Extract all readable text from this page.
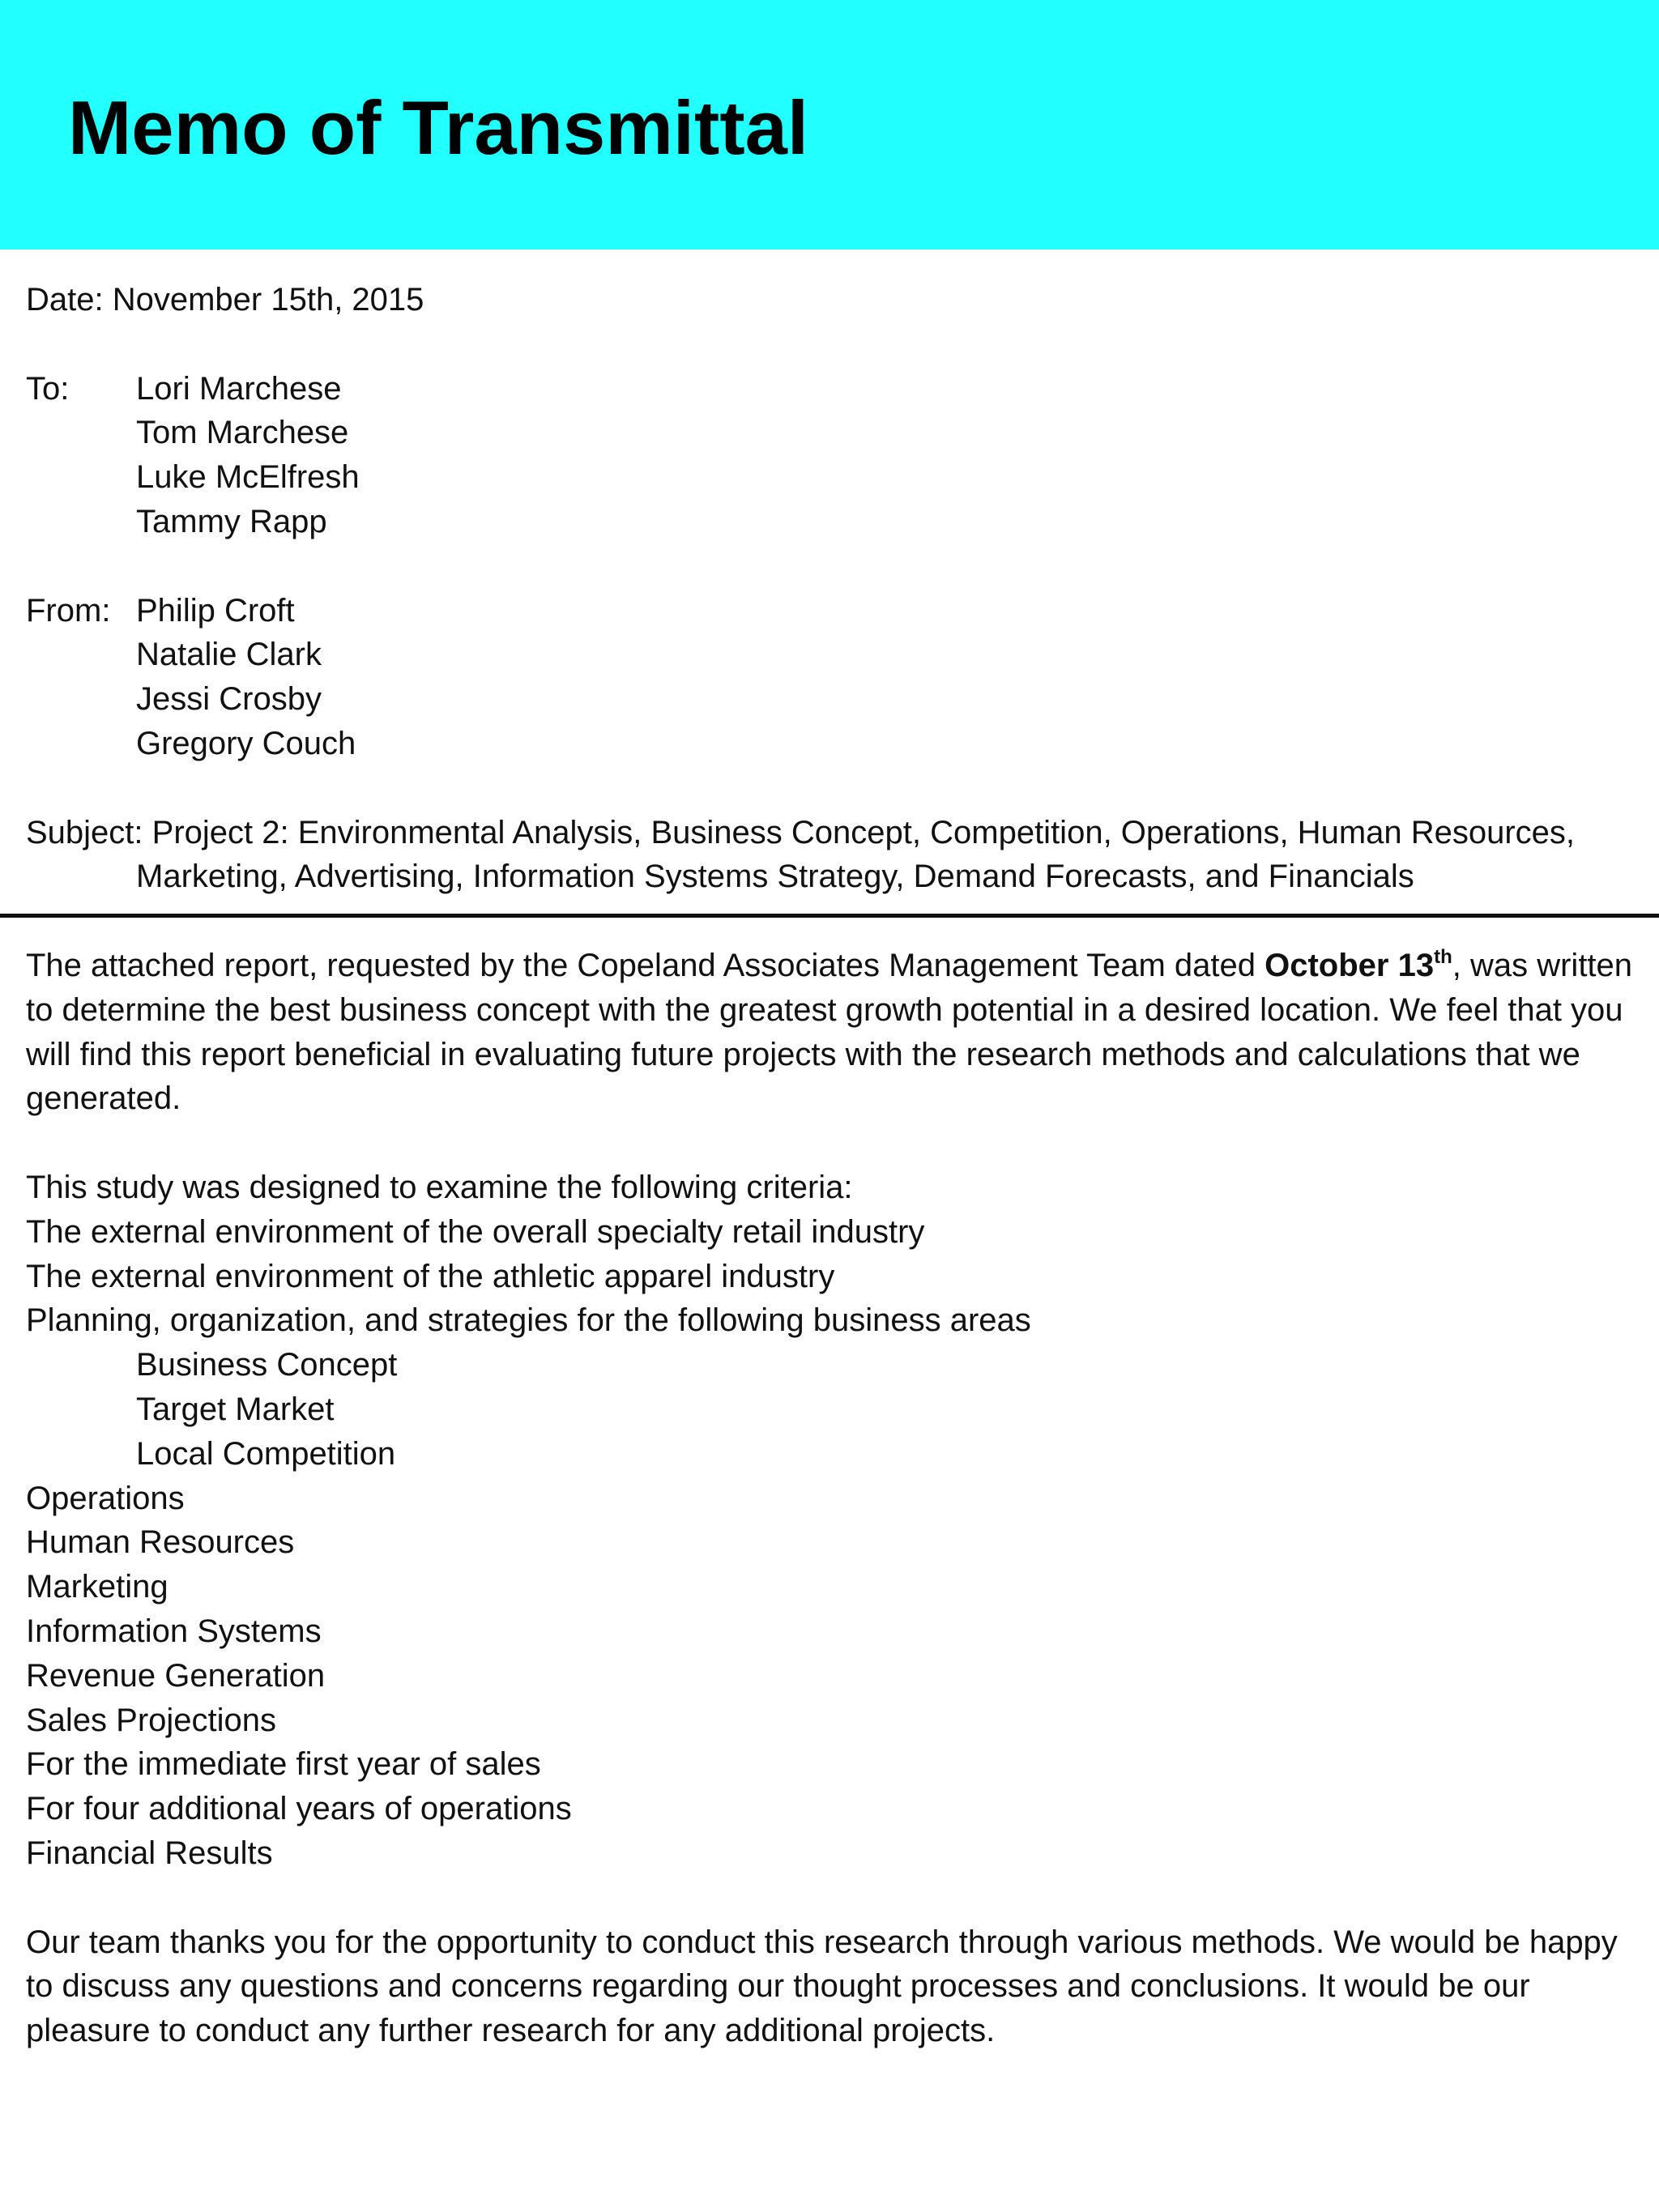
Memo of Transmittal
Date: November 15th, 2015
To:	Lori Marchese
Tom Marchese
Luke McElfresh
Tammy Rapp
From: Philip Croft
Natalie Clark
Jessi Crosby
Gregory Couch
Subject: Project 2: Environmental Analysis, Business Concept, Competition, Operations, Human Resources,
Marketing, Advertising, Information Systems Strategy, Demand Forecasts, and Financials

The attached report, requested by the Copeland Associates Management Team dated October 13th, was written to determine the best business concept with the greatest growth potential in a desired location. We feel that you will find this report beneficial in evaluating future projects with the research methods and calculations that we generated.

This study was designed to examine the following criteria:
The external environment of the overall specialty retail industry
The external environment of the athletic apparel industry
Planning, organization, and strategies for the following business areas
Business Concept
Target Market
Local Competition
Operations
Human Resources
Marketing
Information Systems
Revenue Generation
Sales Projections
For the immediate first year of sales
For four additional years of operations
Financial Results

Our team thanks you for the opportunity to conduct this research through various methods. We would be happy to discuss any questions and concerns regarding our thought processes and conclusions. It would be our pleasure to conduct any further research for any additional projects.
